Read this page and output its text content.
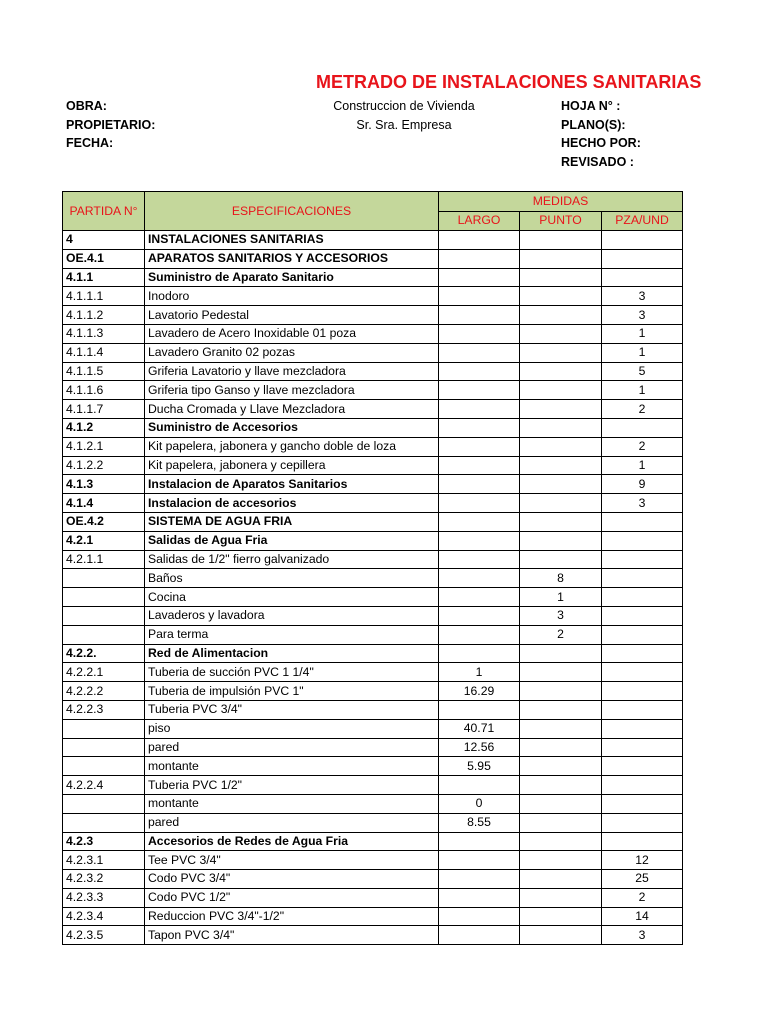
METRADO DE INSTALACIONES SANITARIAS
OBRA:
PROPIETARIO:
FECHA:
Construccion de Vivienda
Sr. Sra. Empresa
HOJA N° :
PLANO(S):
HECHO POR:
REVISADO :
PARTIDA N°	ESPECIFICACIONES	MEDIDAS		
		LARGO	PUNTO	PZA/UND
4	INSTALACIONES SANITARIAS			
OE.4.1	APARATOS SANITARIOS Y ACCESORIOS			
4.1.1	Suministro de Aparato Sanitario			
4.1.1.1	Inodoro			3
4.1.1.2	Lavatorio Pedestal			3
4.1.1.3	Lavadero de Acero Inoxidable 01 poza			1
4.1.1.4	Lavadero Granito 02 pozas			1
4.1.1.5	Griferia Lavatorio y llave mezcladora			5
4.1.1.6	Griferia tipo Ganso y llave mezcladora			1
4.1.1.7	Ducha Cromada y Llave Mezcladora			2
4.1.2	Suministro de Accesorios			
4.1.2.1	Kit papelera, jabonera y gancho doble de loza			2
4.1.2.2	Kit papelera, jabonera y cepillera			1
4.1.3	Instalacion de Aparatos Sanitarios			9
4.1.4	Instalacion de accesorios			3
OE.4.2	SISTEMA DE AGUA FRIA			
4.2.1	Salidas de Agua Fria			
4.2.1.1	Salidas de 1/2" fierro galvanizado			
	Baños		8	
	Cocina		1	
	Lavaderos y lavadora		3	
	Para terma		2	
4.2.2.	Red de Alimentacion			
4.2.2.1	Tuberia de succión PVC 1 1/4"	1		
4.2.2.2	Tuberia de impulsión PVC 1"	16.29		
4.2.2.3	Tuberia PVC 3/4"			
	piso	40.71		
	pared	12.56		
	montante	5.95		
4.2.2.4	Tuberia PVC 1/2"			
	montante	0		
	pared	8.55		
4.2.3	Accesorios de Redes de Agua Fria			
4.2.3.1	Tee PVC 3/4"			12
4.2.3.2	Codo PVC 3/4"			25
4.2.3.3	Codo PVC 1/2"			2
4.2.3.4	Reduccion PVC 3/4"-1/2"			14
4.2.3.5	Tapon PVC 3/4"			3
